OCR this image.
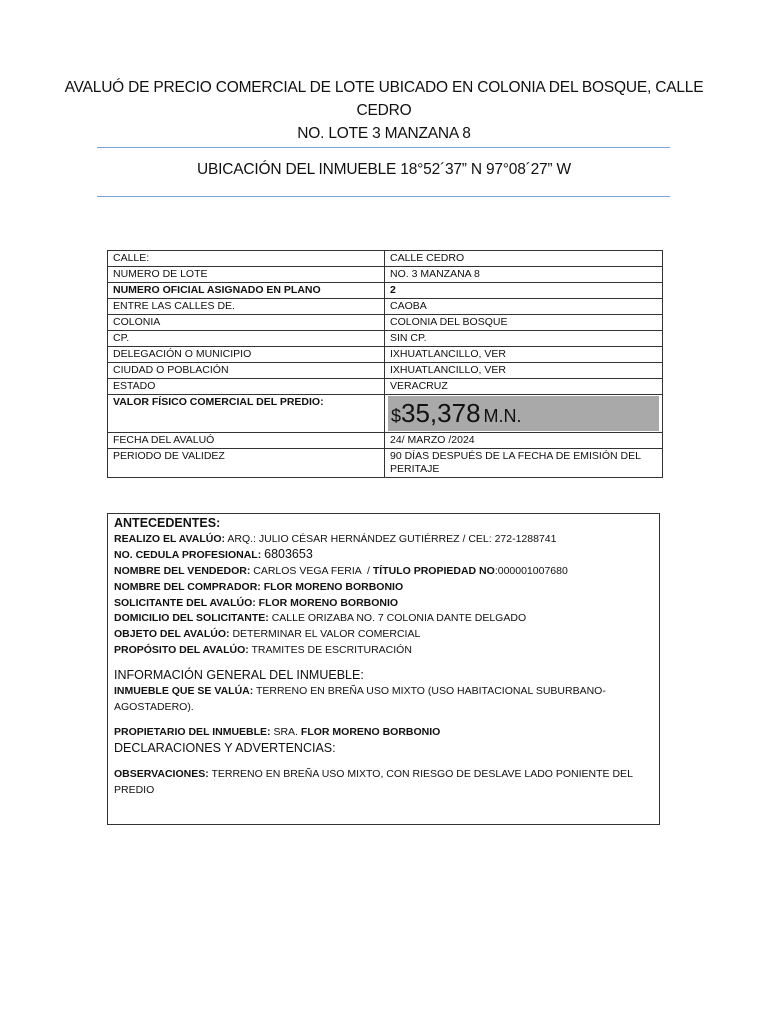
AVALUÓ DE PRECIO COMERCIAL DE LOTE UBICADO EN COLONIA DEL BOSQUE, CALLE CEDRO
NO. LOTE 3 MANZANA 8
UBICACIÓN DEL INMUEBLE 18°52´37” N 97°08´27” W
CALLE:	CALLE CEDRO
NUMERO DE LOTE	NO. 3 MANZANA 8
NUMERO OFICIAL ASIGNADO EN PLANO	2
ENTRE LAS CALLES DE.	CAOBA
COLONIA	COLONIA DEL BOSQUE
CP.	SIN CP.
DELEGACIÓN O MUNICIPIO	IXHUATLANCILLO, VER
CIUDAD O POBLACIÓN	IXHUATLANCILLO, VER
ESTADO	VERACRUZ
VALOR FÍSICO COMERCIAL DEL PREDIO:	$35,378 M.N.

FECHA DEL AVALUÓ	24/ MARZO /2024
PERIODO DE VALIDEZ	90 DÍAS DESPUÉS DE LA FECHA DE EMISIÓN DEL PERITAJE
ANTECEDENTES:
REALIZO EL AVALÚO: ARQ.: JULIO CÉSAR HERNÁNDEZ GUTIÉRREZ / CEL: 272-1288741
NO. CEDULA PROFESIONAL: 6803653
NOMBRE DEL VENDEDOR: CARLOS VEGA FERIA / TÍTULO PROPIEDAD NO:000001007680
NOMBRE DEL COMPRADOR: FLOR MORENO BORBONIO
SOLICITANTE DEL AVALÚO: FLOR MORENO BORBONIO
DOMICILIO DEL SOLICITANTE: CALLE ORIZABA NO. 7 COLONIA DANTE DELGADO
OBJETO DEL AVALÚO: DETERMINAR EL VALOR COMERCIAL
PROPÓSITO DEL AVALÚO: TRAMITES DE ESCRITURACIÓN
INFORMACIÓN GENERAL DEL INMUEBLE:
INMUEBLE QUE SE VALÚA: TERRENO EN BREÑA USO MIXTO (USO HABITACIONAL SUBURBANO-AGOSTADERO).
PROPIETARIO DEL INMUEBLE: SRA. FLOR MORENO BORBONIO
DECLARACIONES Y ADVERTENCIAS:
OBSERVACIONES: TERRENO EN BREÑA USO MIXTO, CON RIESGO DE DESLAVE LADO PONIENTE DEL PREDIO
